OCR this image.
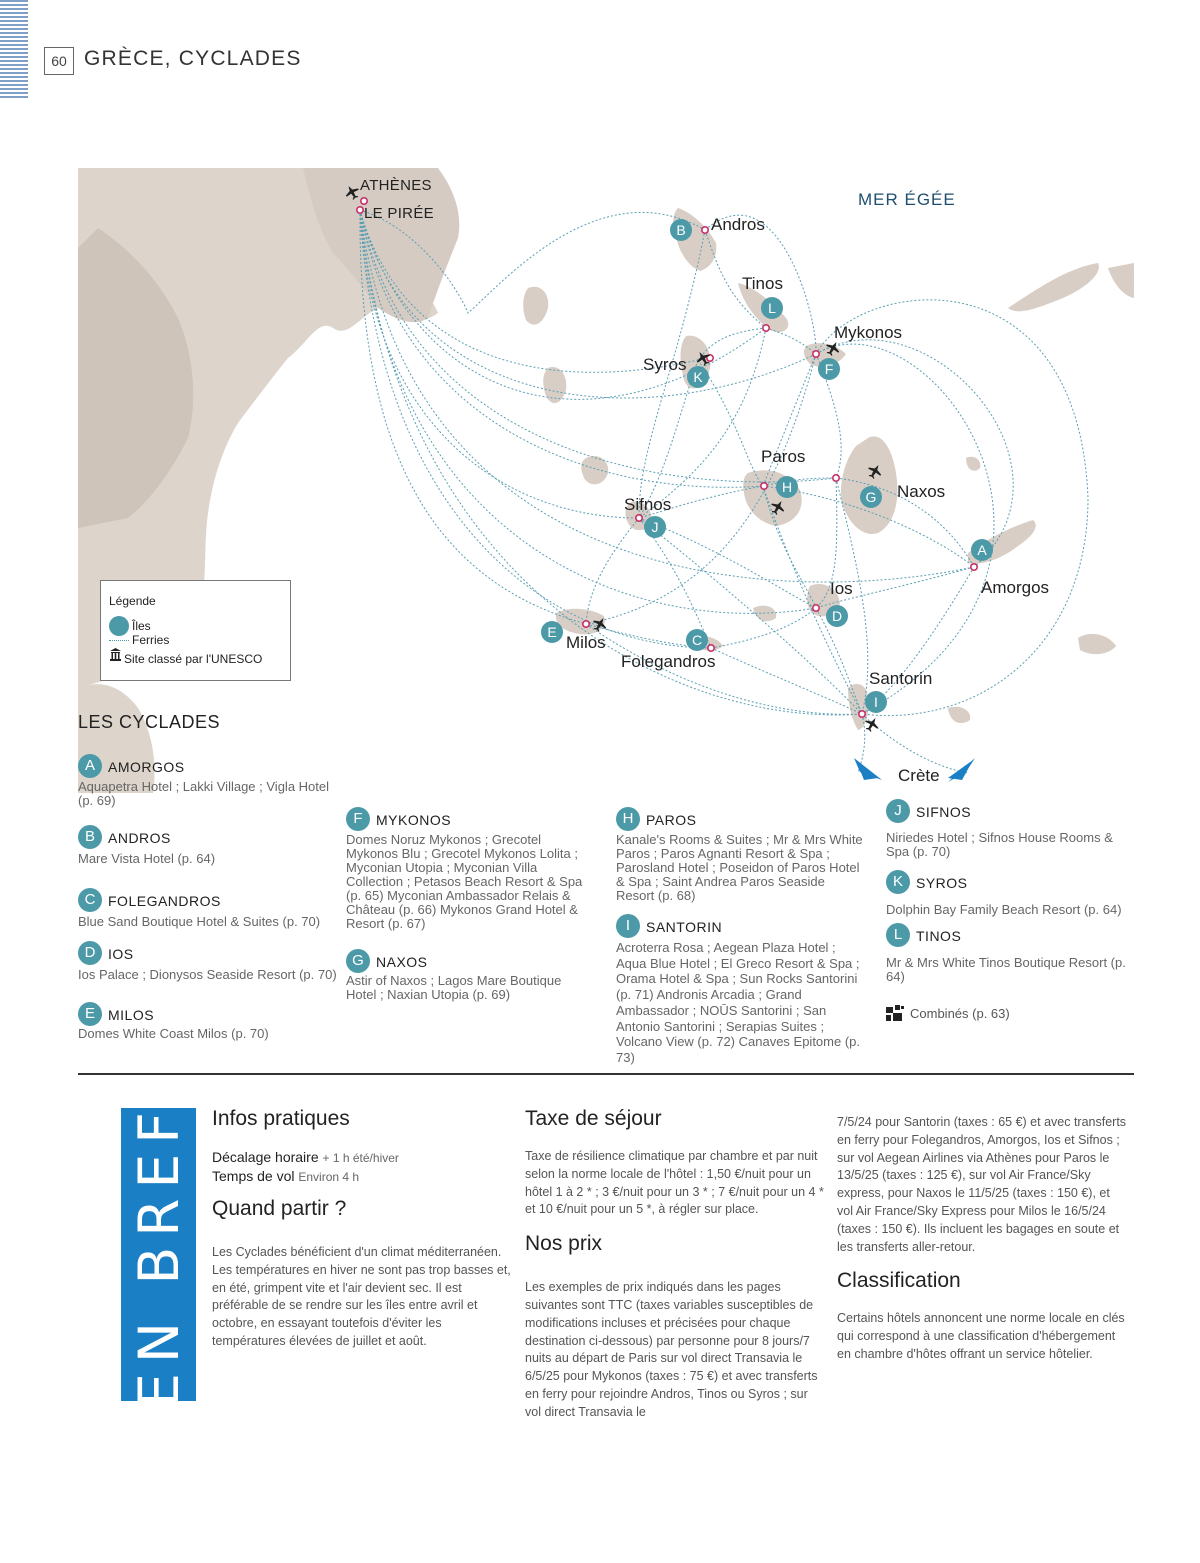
60 GRÈCE, CYCLADES
MER ÉGÉE
ATHÈNES
LE PIRÉE
Andros
Tinos
Mykonos
Syros
Paros
Naxos
Sifnos
Amorgos
Ios
Milos
Folegandros
Santorin
Crète
A
B
C
D
E
F
G
H
I
J
K
L
Légende
Îles
Ferries
Site classé par l'UNESCO
LES CYCLADES
A AMORGOS
Aquapetra Hotel ; Lakki Village ; Vigla Hotel (p. 69)
B ANDROS
Mare Vista Hotel (p. 64)
C FOLEGANDROS
Blue Sand Boutique Hotel & Suites (p. 70)
D IOS
Ios Palace ; Dionysos Seaside Resort (p. 70)
E MILOS
Domes White Coast Milos (p. 70)
F MYKONOS
Domes Noruz Mykonos ; Grecotel Mykonos Blu ; Grecotel Mykonos Lolita ; Myconian Utopia ; Myconian Villa Collection ; Petasos Beach Resort & Spa (p. 65) Myconian Ambassador Relais & Château (p. 66) Mykonos Grand Hotel & Resort (p. 67)
G NAXOS
Astir of Naxos ; Lagos Mare Boutique Hotel ; Naxian Utopia (p. 69)
H PAROS
Kanale's Rooms & Suites ; Mr & Mrs White Paros ; Paros Agnanti Resort & Spa ; Parosland Hotel ; Poseidon of Paros Hotel & Spa ; Saint Andrea Paros Seaside Resort (p. 68)
I	SANTORIN
Acroterra Rosa ; Aegean Plaza Hotel ; Aqua Blue Hotel ; El Greco Resort & Spa ; Orama Hotel & Spa ; Sun Rocks Santorini (p. 71) Andronis Arcadia ; Grand Ambassador ; NOŪS Santorini ; San Antonio Santorini ; Serapias Suites ; Volcano View (p. 72) Canaves Epitome (p. 73)
J	SIFNOS
Niriedes Hotel ; Sifnos House Rooms & Spa (p. 70)
K SYROS
Dolphin Bay Family Beach Resort (p. 64)
L TINOS
Mr & Mrs White Tinos Boutique Resort (p. 64)
Combinés (p. 63)
EN BREF Infos pratiques
Décalage horaire + 1 h été/hiver
Temps de vol Environ 4 h
Quand partir ?

Les Cyclades bénéficient d'un climat méditerranéen. Les températures en hiver ne sont pas trop basses et, en été, grimpent vite et l'air devient sec. Il est préférable de se rendre sur les îles entre avril et octobre, en essayant toutefois d'éviter les températures élevées de juillet et août.

Taxe de séjour

Taxe de résilience climatique par chambre et par nuit selon la norme locale de l'hôtel : 1,50 €/nuit pour un hôtel 1 à 2 * ; 3 €/nuit pour un 3 * ; 7 €/nuit pour un 4 * et 10 €/nuit pour un 5 *, à régler sur place.

Nos prix

Les exemples de prix indiqués dans les pages suivantes sont TTC (taxes variables susceptibles de modifications incluses et précisées pour chaque destination ci-dessous) par personne pour 8 jours/7 nuits au départ de Paris sur vol direct Transavia le 6/5/25 pour Mykonos (taxes : 75 €) et avec transferts en ferry pour rejoindre Andros, Tinos ou Syros ; sur vol direct Transavia le

7/5/24 pour Santorin (taxes : 65 €) et avec transferts en ferry pour Folegandros, Amorgos, Ios et Sifnos ; sur vol Aegean Airlines via Athènes pour Paros le 13/5/25 (taxes : 125 €), sur vol Air France/Sky express, pour Naxos le 11/5/25 (taxes : 150 €), et vol Air France/Sky Express pour Milos le 16/5/24 (taxes : 150 €). Ils incluent les bagages en soute et les transferts aller-retour.

Classification

Certains hôtels annoncent une norme locale en clés qui correspond à une classification d'hébergement en chambre d'hôtes offrant un service hôtelier.
